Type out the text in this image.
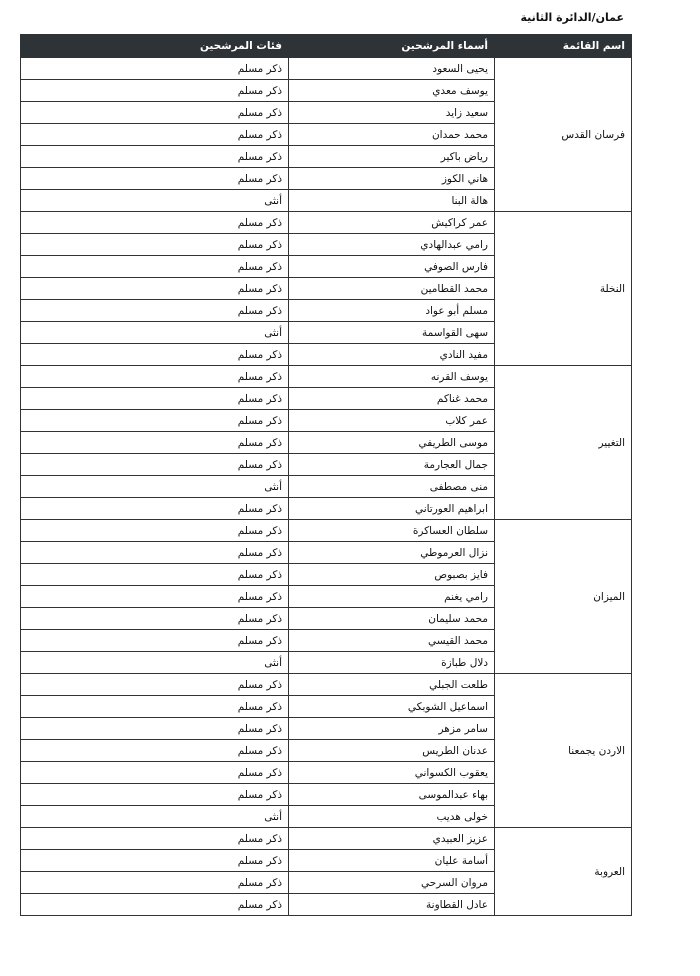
عمان/الدائرة الثانية
اسم القائمة	أسماء المرشحين	فئات المرشحين
فرسان القدس	يحيى السعود	ذكر مسلم
	يوسف معدي	ذكر مسلم
	سعيد زايد	ذكر مسلم
	محمد حمدان	ذكر مسلم
	رياض باكير	ذكر مسلم
	هاني الكوز	ذكر مسلم
	هالة البنا	أنثى
النخلة	عمر كراكيش	ذكر مسلم
	رامي عبدالهادي	ذكر مسلم
	فارس الصوفي	ذكر مسلم
	محمد القطامين	ذكر مسلم
	مسلم أبو عواد	ذكر مسلم
	سهى القواسمة	أنثى
	مفيد النادي	ذكر مسلم
التغيير	يوسف القرنه	ذكر مسلم
	محمد غناكم	ذكر مسلم
	عمر كلاب	ذكر مسلم
	موسى الطريفي	ذكر مسلم
	جمال العجارمة	ذكر مسلم
	منى مصطفى	أنثى
	ابراهيم العورتاني	ذكر مسلم
الميزان	سلطان العساكرة	ذكر مسلم
	نزال العرموطي	ذكر مسلم
	فايز بصبوص	ذكر مسلم
	رامي يغنم	ذكر مسلم
	محمد سليمان	ذكر مسلم
	محمد القيسي	ذكر مسلم
	دلال طبازة	أنثى
الاردن يجمعنا	طلعت الجبلي	ذكر مسلم
	اسماعيل الشوبكي	ذكر مسلم
	سامر مزهر	ذكر مسلم
	عدنان الطريس	ذكر مسلم
	يعقوب الكسواني	ذكر مسلم
	بهاء عبدالموسى	ذكر مسلم
	خولى هديب	أنثى
العروبة	عزيز العبيدي	ذكر مسلم
	أسامة عليان	ذكر مسلم
	مروان السرحي	ذكر مسلم
	عادل القطاونة	ذكر مسلم
